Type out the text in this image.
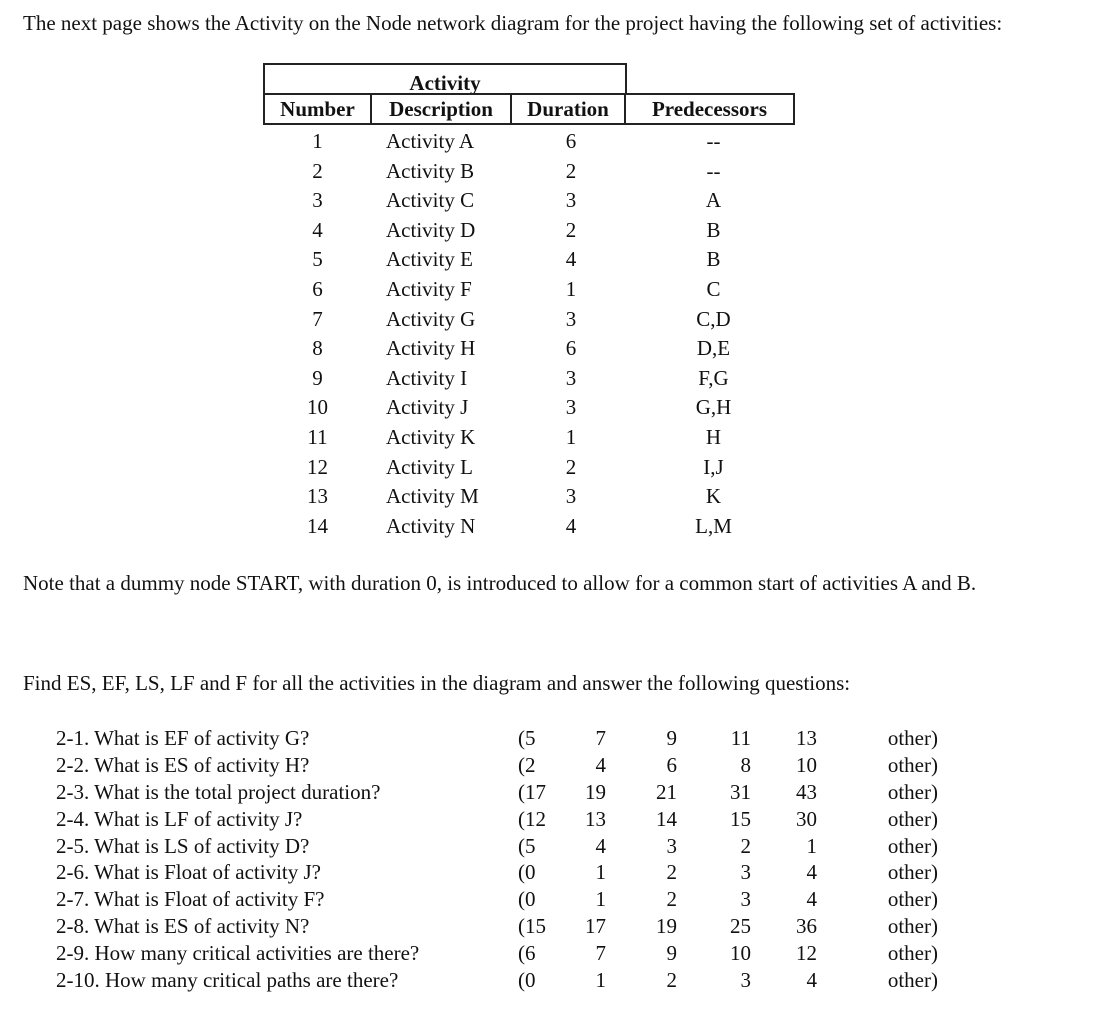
The next page shows the Activity on the Node network diagram for the project having the following set of activities:
Activity
Number	Description	Duration	Predecessors
1	Activity A	6	--
2	Activity B	2	--
3	Activity C	3	A
4	Activity D	2	B
5	Activity E	4	B
6	Activity F	1	C
7	Activity G	3	C,D
8	Activity H	6	D,E
9	Activity I	3	F,G
10	Activity J	3	G,H
11	Activity K	1	H
12	Activity L	2	I,J
13	Activity M	3	K
14	Activity N	4	L,M
Note that a dummy node START, with duration 0, is introduced to allow for a common start of activities A and B.
Find ES, EF, LS, LF and F for all the activities in the diagram and answer the following questions:
2-1. What is EF of activity G?	(5	7	9	11	13	other)
2-2. What is ES of activity H?	(2	4	6	8	10	other)
2-3. What is the total project duration?	(17	19	21	31	43	other)
2-4. What is LF of activity J?	(12	13	14	15	30	other)
2-5. What is LS of activity D?	(5	4	3	2	1	other)
2-6. What is Float of activity J?	(0	1	2	3	4	other)
2-7. What is Float of activity F?	(0	1	2	3	4	other)
2-8. What is ES of activity N?	(15	17	19	25	36	other)
2-9. How many critical activities are there?	(6	7	9	10	12	other)
2-10. How many critical paths are there?	(0	1	2	3	4	other)
